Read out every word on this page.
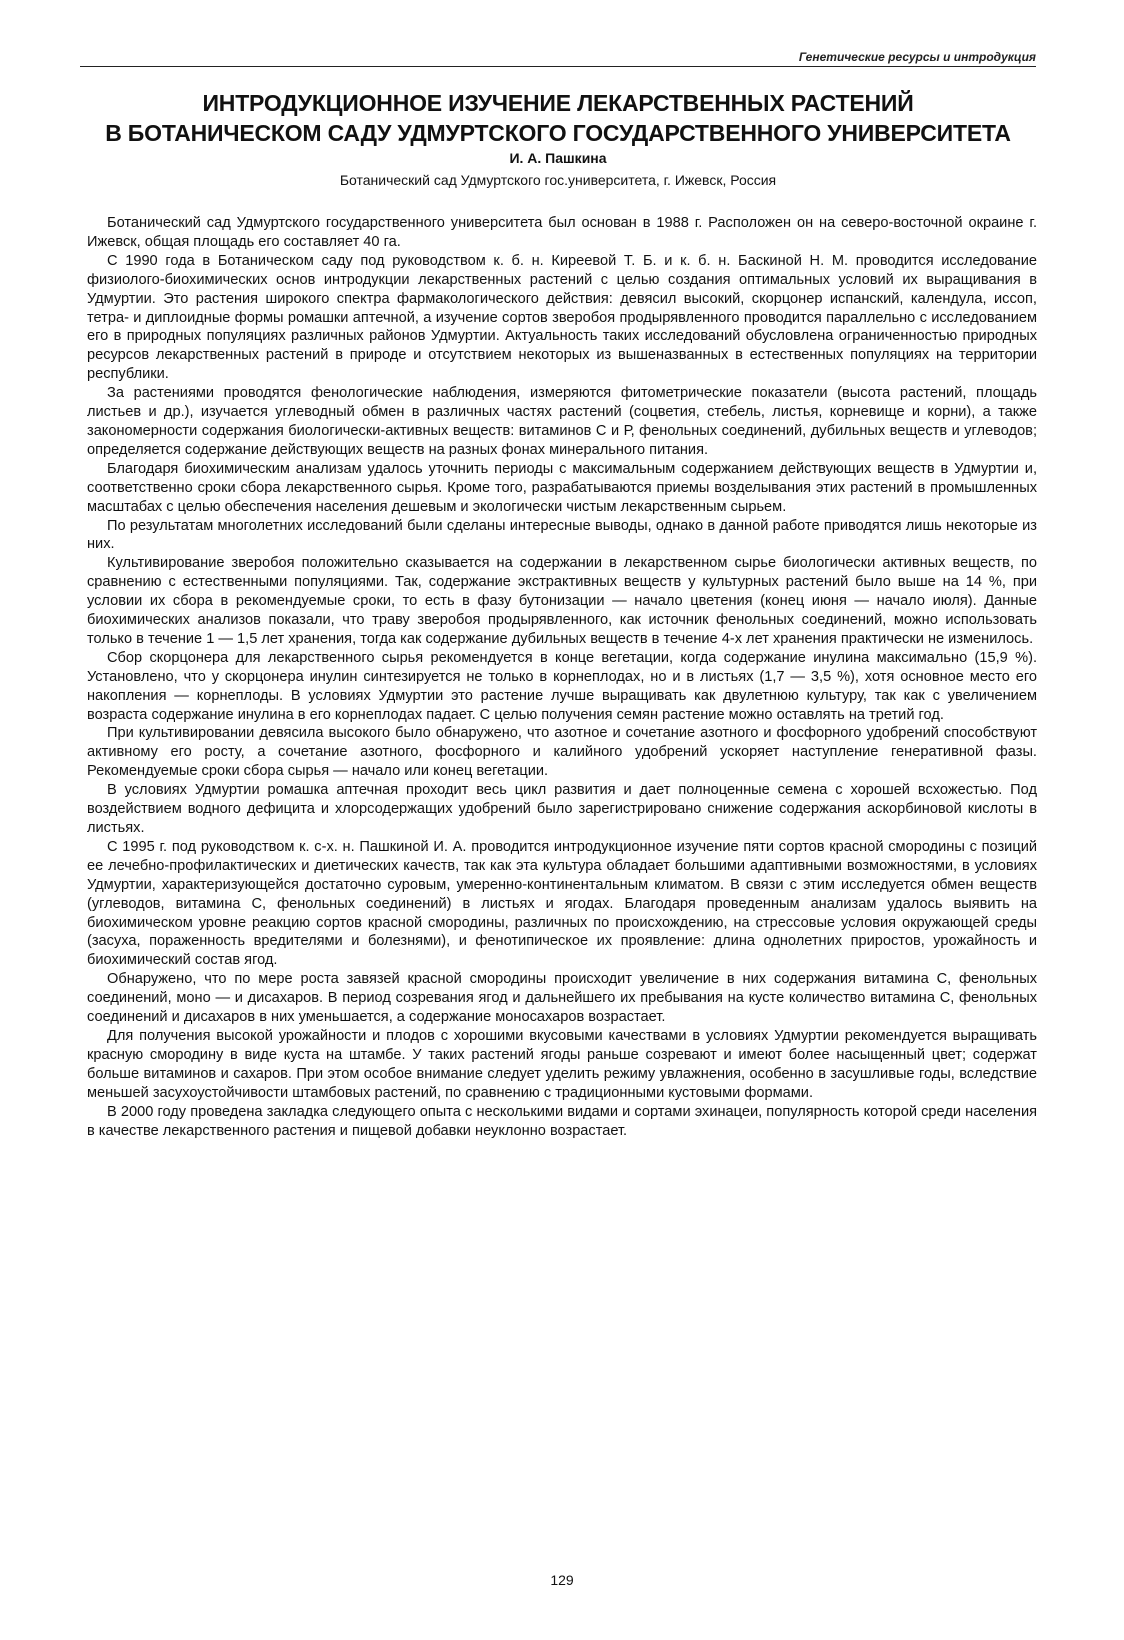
Генетические ресурсы и интродукция
ИНТРОДУКЦИОННОЕ ИЗУЧЕНИЕ ЛЕКАРСТВЕННЫХ РАСТЕНИЙ
В БОТАНИЧЕСКОМ САДУ УДМУРТСКОГО ГОСУДАРСТВЕННОГО УНИВЕРСИТЕТА
И. А. Пашкина
Ботанический сад Удмуртского гос.университета, г. Ижевск, Россия

Ботанический сад Удмуртского государственного университета был основан в 1988 г. Расположен он на северо-восточной окраине г. Ижевск, общая площадь его составляет 40 га.

С 1990 года в Ботаническом саду под руководством к. б. н. Киреевой Т. Б. и к. б. н. Баскиной Н. М. проводится исследование физиолого-биохимических основ интродукции лекарственных растений с целью создания оптимальных условий их выращивания в Удмуртии. Это растения широкого спектра фармакологического действия: девясил высокий, скорцонер испанский, календула, иссоп, тетра- и диплоидные формы ромашки аптечной, а изучение сортов зверобоя продырявленного проводится параллельно с исследованием его в природных популяциях различных районов Удмуртии. Актуальность таких исследований обусловлена ограниченностью природных ресурсов лекарственных растений в природе и отсутствием некоторых из вышеназванных в естественных популяциях на территории республики.

За растениями проводятся фенологические наблюдения, измеряются фитометрические показатели (высота растений, площадь листьев и др.), изучается углеводный обмен в различных частях растений (соцветия, стебель, листья, корневище и корни), а также закономерности содержания биологически-активных веществ: витаминов С и Р, фенольных соединений, дубильных веществ и углеводов; определяется содержание действующих веществ на разных фонах минерального питания.

Благодаря биохимическим анализам удалось уточнить периоды с максимальным содержанием действующих веществ в Удмуртии и, соответственно сроки сбора лекарственного сырья. Кроме того, разрабатываются приемы возделывания этих растений в промышленных масштабах с целью обеспечения населения дешевым и экологически чистым лекарственным сырьем.

По результатам многолетних исследований были сделаны интересные выводы, однако в данной работе приводятся лишь некоторые из них.

Культивирование зверобоя положительно сказывается на содержании в лекарственном сырье биологически активных веществ, по сравнению с естественными популяциями. Так, содержание экстрактивных веществ у культурных растений было выше на 14 %, при условии их сбора в рекомендуемые сроки, то есть в фазу бутонизации — начало цветения (конец июня — начало июля). Данные биохимических анализов показали, что траву зверобоя продырявленного, как источник фенольных соединений, можно использовать только в течение 1 — 1,5 лет хранения, тогда как содержание дубильных веществ в течение 4-х лет хранения практически не изменилось.

Сбор скорцонера для лекарственного сырья рекомендуется в конце вегетации, когда содержание инулина максимально (15,9 %). Установлено, что у скорцонера инулин синтезируется не только в корнеплодах, но и в листьях (1,7 — 3,5 %), хотя основное место его накопления — корнеплоды. В условиях Удмуртии это растение лучше выращивать как двулетнюю культуру, так как с увеличением возраста содержание инулина в его корнеплодах падает. С целью получения семян растение можно оставлять на третий год.

При культивировании девясила высокого было обнаружено, что азотное и сочетание азотного и фосфорного удобрений способствуют активному его росту, а сочетание азотного, фосфорного и калийного удобрений ускоряет наступление генеративной фазы. Рекомендуемые сроки сбора сырья — начало или конец вегетации.

В условиях Удмуртии ромашка аптечная проходит весь цикл развития и дает полноценные семена с хорошей всхожестью. Под воздействием водного дефицита и хлорсодержащих удобрений было зарегистрировано снижение содержания аскорбиновой кислоты в листьях.

С 1995 г. под руководством к. с-х. н. Пашкиной И. А. проводится интродукционное изучение пяти сортов красной смородины с позиций ее лечебно-профилактических и диетических качеств, так как эта культура обладает большими адаптивными возможностями, в условиях Удмуртии, характеризующейся достаточно суровым, умеренно-континентальным климатом. В связи с этим исследуется обмен веществ (углеводов, витамина С, фенольных соединений) в листьях и ягодах. Благодаря проведенным анализам удалось выявить на биохимическом уровне реакцию сортов красной смородины, различных по происхождению, на стрессовые условия окружающей среды (засуха, пораженность вредителями и болезнями), и фенотипическое их проявление: длина однолетних приростов, урожайность и биохимический состав ягод.

Обнаружено, что по мере роста завязей красной смородины происходит увеличение в них содержания витамина С, фенольных соединений, моно — и дисахаров. В период созревания ягод и дальнейшего их пребывания на кусте количество витамина С, фенольных соединений и дисахаров в них уменьшается, а содержание моносахаров возрастает.

Для получения высокой урожайности и плодов с хорошими вкусовыми качествами в условиях Удмуртии рекомендуется выращивать красную смородину в виде куста на штамбе. У таких растений ягоды раньше созревают и имеют более насыщенный цвет; содержат больше витаминов и сахаров. При этом особое внимание следует уделить режиму увлажнения, особенно в засушливые годы, вследствие меньшей засухоустойчивости штамбовых растений, по сравнению с традиционными кустовыми формами.

В 2000 году проведена закладка следующего опыта с несколькими видами и сортами эхинацеи, популярность которой среди населения в качестве лекарственного растения и пищевой добавки неуклонно возрастает.

129
